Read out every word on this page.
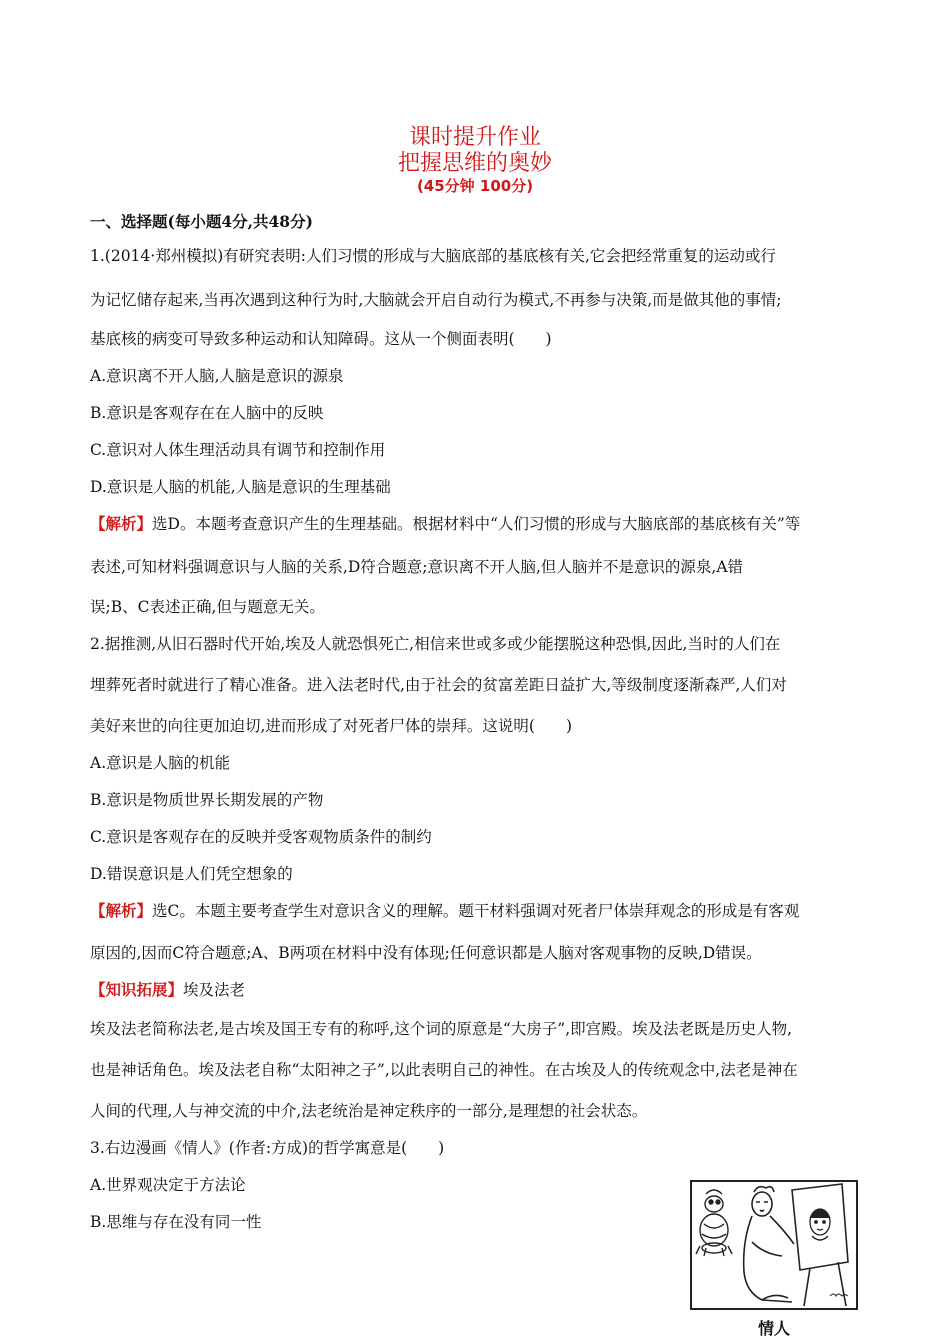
课时提升作业
把握思维的奥妙
(45分钟 100分)
一、选择题(每小题4分,共48分)
1.(2014·郑州模拟)有研究表明:人们习惯的形成与大脑底部的基底核有关,它会把经常重复的运动或行
为记忆储存起来,当再次遇到这种行为时,大脑就会开启自动行为模式,不再参与决策,而是做其他的事情;
基底核的病变可导致多种运动和认知障碍。这从一个侧面表明(　　)
A.意识离不开人脑,人脑是意识的源泉
B.意识是客观存在在人脑中的反映
C.意识对人体生理活动具有调节和控制作用
D.意识是人脑的机能,人脑是意识的生理基础
【解析】选D。本题考查意识产生的生理基础。根据材料中“人们习惯的形成与大脑底部的基底核有关”等
表述,可知材料强调意识与人脑的关系,D符合题意;意识离不开人脑,但人脑并不是意识的源泉,A错
误;B、C表述正确,但与题意无关。
2.据推测,从旧石器时代开始,埃及人就恐惧死亡,相信来世或多或少能摆脱这种恐惧,因此,当时的人们在
埋葬死者时就进行了精心准备。进入法老时代,由于社会的贫富差距日益扩大,等级制度逐渐森严,人们对
美好来世的向往更加迫切,进而形成了对死者尸体的崇拜。这说明(　　)
A.意识是人脑的机能
B.意识是物质世界长期发展的产物
C.意识是客观存在的反映并受客观物质条件的制约
D.错误意识是人们凭空想象的
【解析】选C。本题主要考查学生对意识含义的理解。题干材料强调对死者尸体崇拜观念的形成是有客观
原因的,因而C符合题意;A、B两项在材料中没有体现;任何意识都是人脑对客观事物的反映,D错误。
【知识拓展】埃及法老
埃及法老简称法老,是古埃及国王专有的称呼,这个词的原意是“大房子”,即宫殿。埃及法老既是历史人物,
也是神话角色。埃及法老自称“太阳神之子”,以此表明自己的神性。在古埃及人的传统观念中,法老是神在
人间的代理,人与神交流的中介,法老统治是神定秩序的一部分,是理想的社会状态。
3.右边漫画《情人》(作者:方成)的哲学寓意是(　　)
A.世界观决定于方法论
B.思维与存在没有同一性
情人
